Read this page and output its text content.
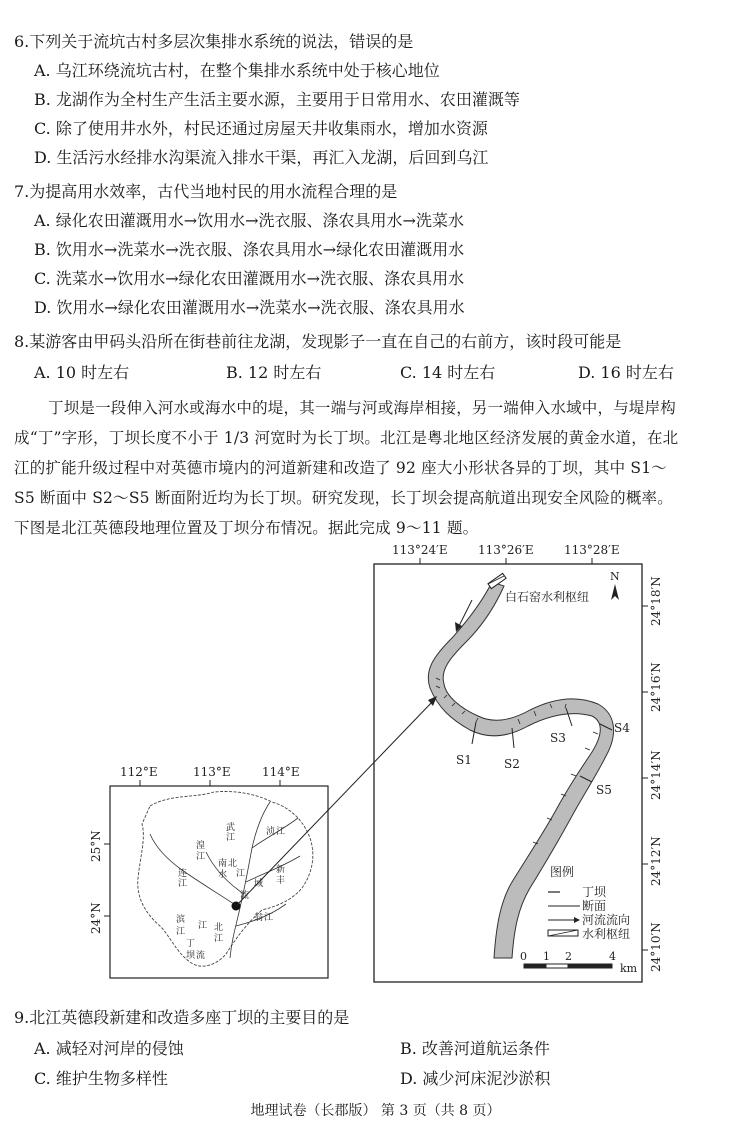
6.下列关于流坑古村多层次集排水系统的说法，错误的是
A. 乌江环绕流坑古村，在整个集排水系统中处于核心地位
B. 龙湖作为全村生产生活主要水源，主要用于日常用水、农田灌溉等
C. 除了使用井水外，村民还通过房屋天井收集雨水，增加水资源
D. 生活污水经排水沟渠流入排水干渠，再汇入龙湖，后回到乌江
7.为提高用水效率，古代当地村民的用水流程合理的是
A. 绿化农田灌溉用水→饮用水→洗衣服、涤农具用水→洗菜水
B. 饮用水→洗菜水→洗衣服、涤农具用水→绿化农田灌溉用水
C. 洗菜水→饮用水→绿化农田灌溉用水→洗衣服、涤农具用水
D. 饮用水→绿化农田灌溉用水→洗菜水→洗衣服、涤农具用水
8.某游客由甲码头沿所在街巷前往龙湖，发现影子一直在自己的右前方，该时段可能是
A. 10 时左右	B. 12 时左右	C. 14 时左右	D. 16 时左右
丁坝是一段伸入河水或海水中的堤，其一端与河或海岸相接，另一端伸入水域中，与堤岸构
成“丁”字形，丁坝长度不小于 1/3 河宽时为长丁坝。北江是粤北地区经济发展的黄金水道，在北
江的扩能升级过程中对英德市境内的河道新建和改造了 92 座大小形状各异的丁坝，其中 S1～
S5 断面中 S2～S5 断面附近均为长丁坝。研究发现，长丁坝会提高航道出现安全风险的概率。
下图是北江英德段地理位置及丁坝分布情况。据此完成 9～11 题。
113°24′E	113°26′E	113°28′E
24°18′N
24°16′N
24°14′N
24°12′N
24°10′N
N
白石窑水利枢纽
S1	S2
S3
S4
S5
图例
丁坝
断面
河流流向
水利枢纽
0 1 2	4
km
112°E	113°E	114°E
25°N
24°N
武
江
连
江
滨
江
北
江
南
水
翁 江
新
丰
浈 江
湟
江
流
域
江 北
江
流
丁
坝
9.北江英德段新建和改造多座丁坝的主要目的是
A. 减轻对河岸的侵蚀	B. 改善河道航运条件
C. 维护生物多样性	D. 减少河床泥沙淤积
地理试卷（长郡版） 第 3 页（共 8 页）
